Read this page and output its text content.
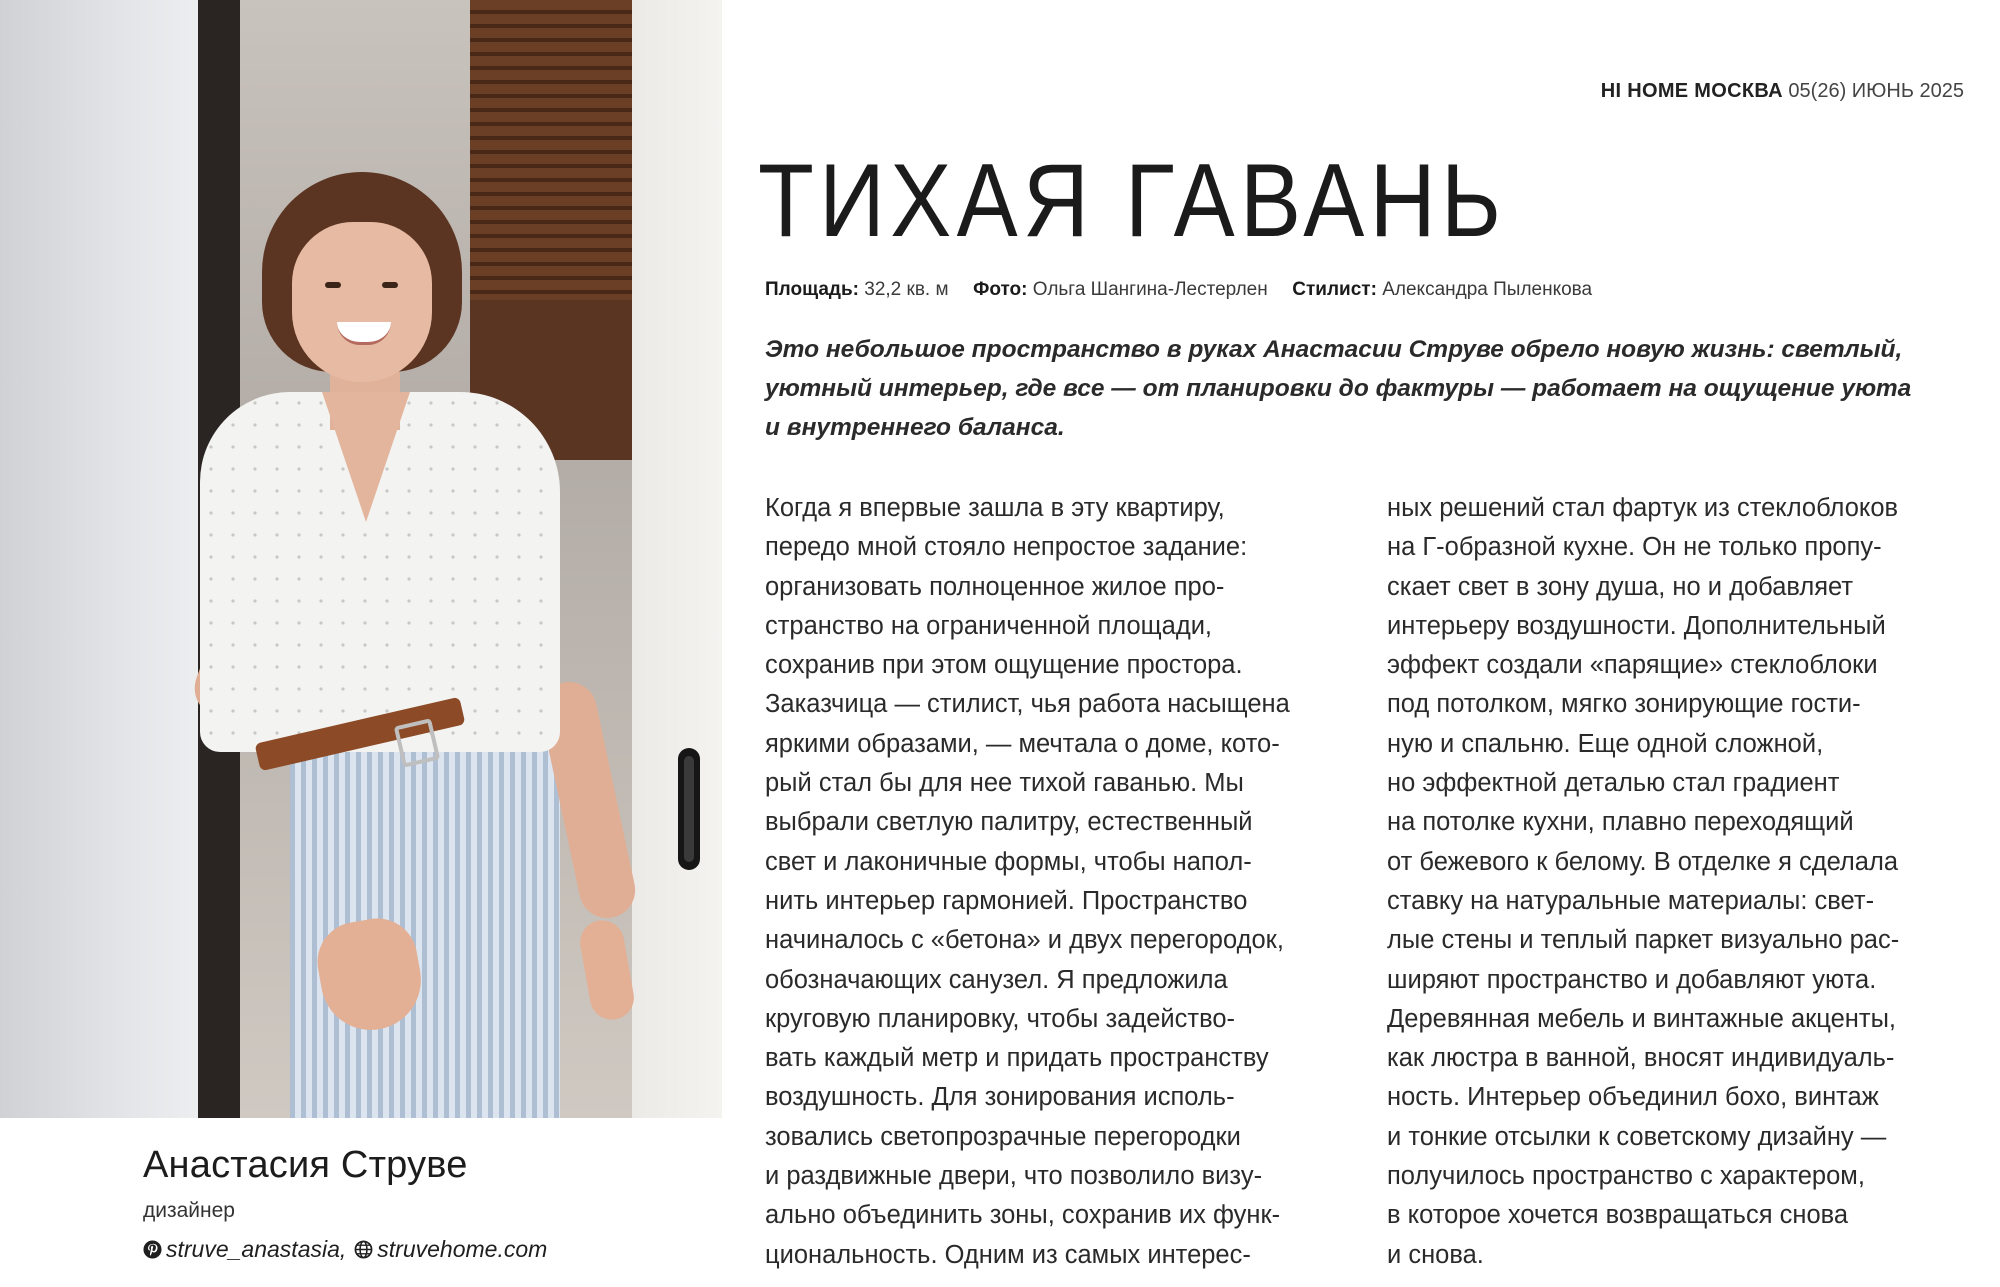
Анастасия Струве
дизайнер
struve_anastasia, struvehome.com
HI HOME МОСКВА 05(26) ИЮНЬ 2025
ТИХАЯ ГАВАНЬ
Площадь: 32,2 кв. м Фото: Ольга Шангина-Лестерлен Стилист: Александра Пыленкова
Это небольшое пространство в руках Анастасии Струве обрело новую жизнь: светлый,
уютный интерьер, где все — от планировки до фактуры — работает на ощущение уюта
и внутреннего баланса.
Когда я впервые зашла в эту квартиру,
передо мной стояло непростое задание:
организовать полноценное жилое про-
странство на ограниченной площади,
сохранив при этом ощущение простора.
Заказчица — стилист, чья работа насыщена
яркими образами, — мечтала о доме, кото-
рый стал бы для нее тихой гаванью. Мы
выбрали светлую палитру, естественный
свет и лаконичные формы, чтобы напол-
нить интерьер гармонией. Пространство
начиналось с «бетона» и двух перегородок,
обозначающих санузел. Я предложила
круговую планировку, чтобы задейство-
вать каждый метр и придать пространству
воздушность. Для зонирования исполь-
зовались светопрозрачные перегородки
и раздвижные двери, что позволило визу-
ально объединить зоны, сохранив их функ-
циональность. Одним из самых интерес-
ных решений стал фартук из стеклоблоков
на Г-образной кухне. Он не только пропу-
скает свет в зону душа, но и добавляет
интерьеру воздушности. Дополнительный
эффект создали «парящие» стеклоблоки
под потолком, мягко зонирующие гости-
ную и спальню. Еще одной сложной,
но эффектной деталью стал градиент
на потолке кухни, плавно переходящий
от бежевого к белому. В отделке я сделала
ставку на натуральные материалы: свет-
лые стены и теплый паркет визуально рас-
ширяют пространство и добавляют уюта.
Деревянная мебель и винтажные акценты,
как люстра в ванной, вносят индивидуаль-
ность. Интерьер объединил бохо, винтаж
и тонкие отсылки к советскому дизайну —
получилось пространство с характером,
в которое хочется возвращаться снова
и снова.
